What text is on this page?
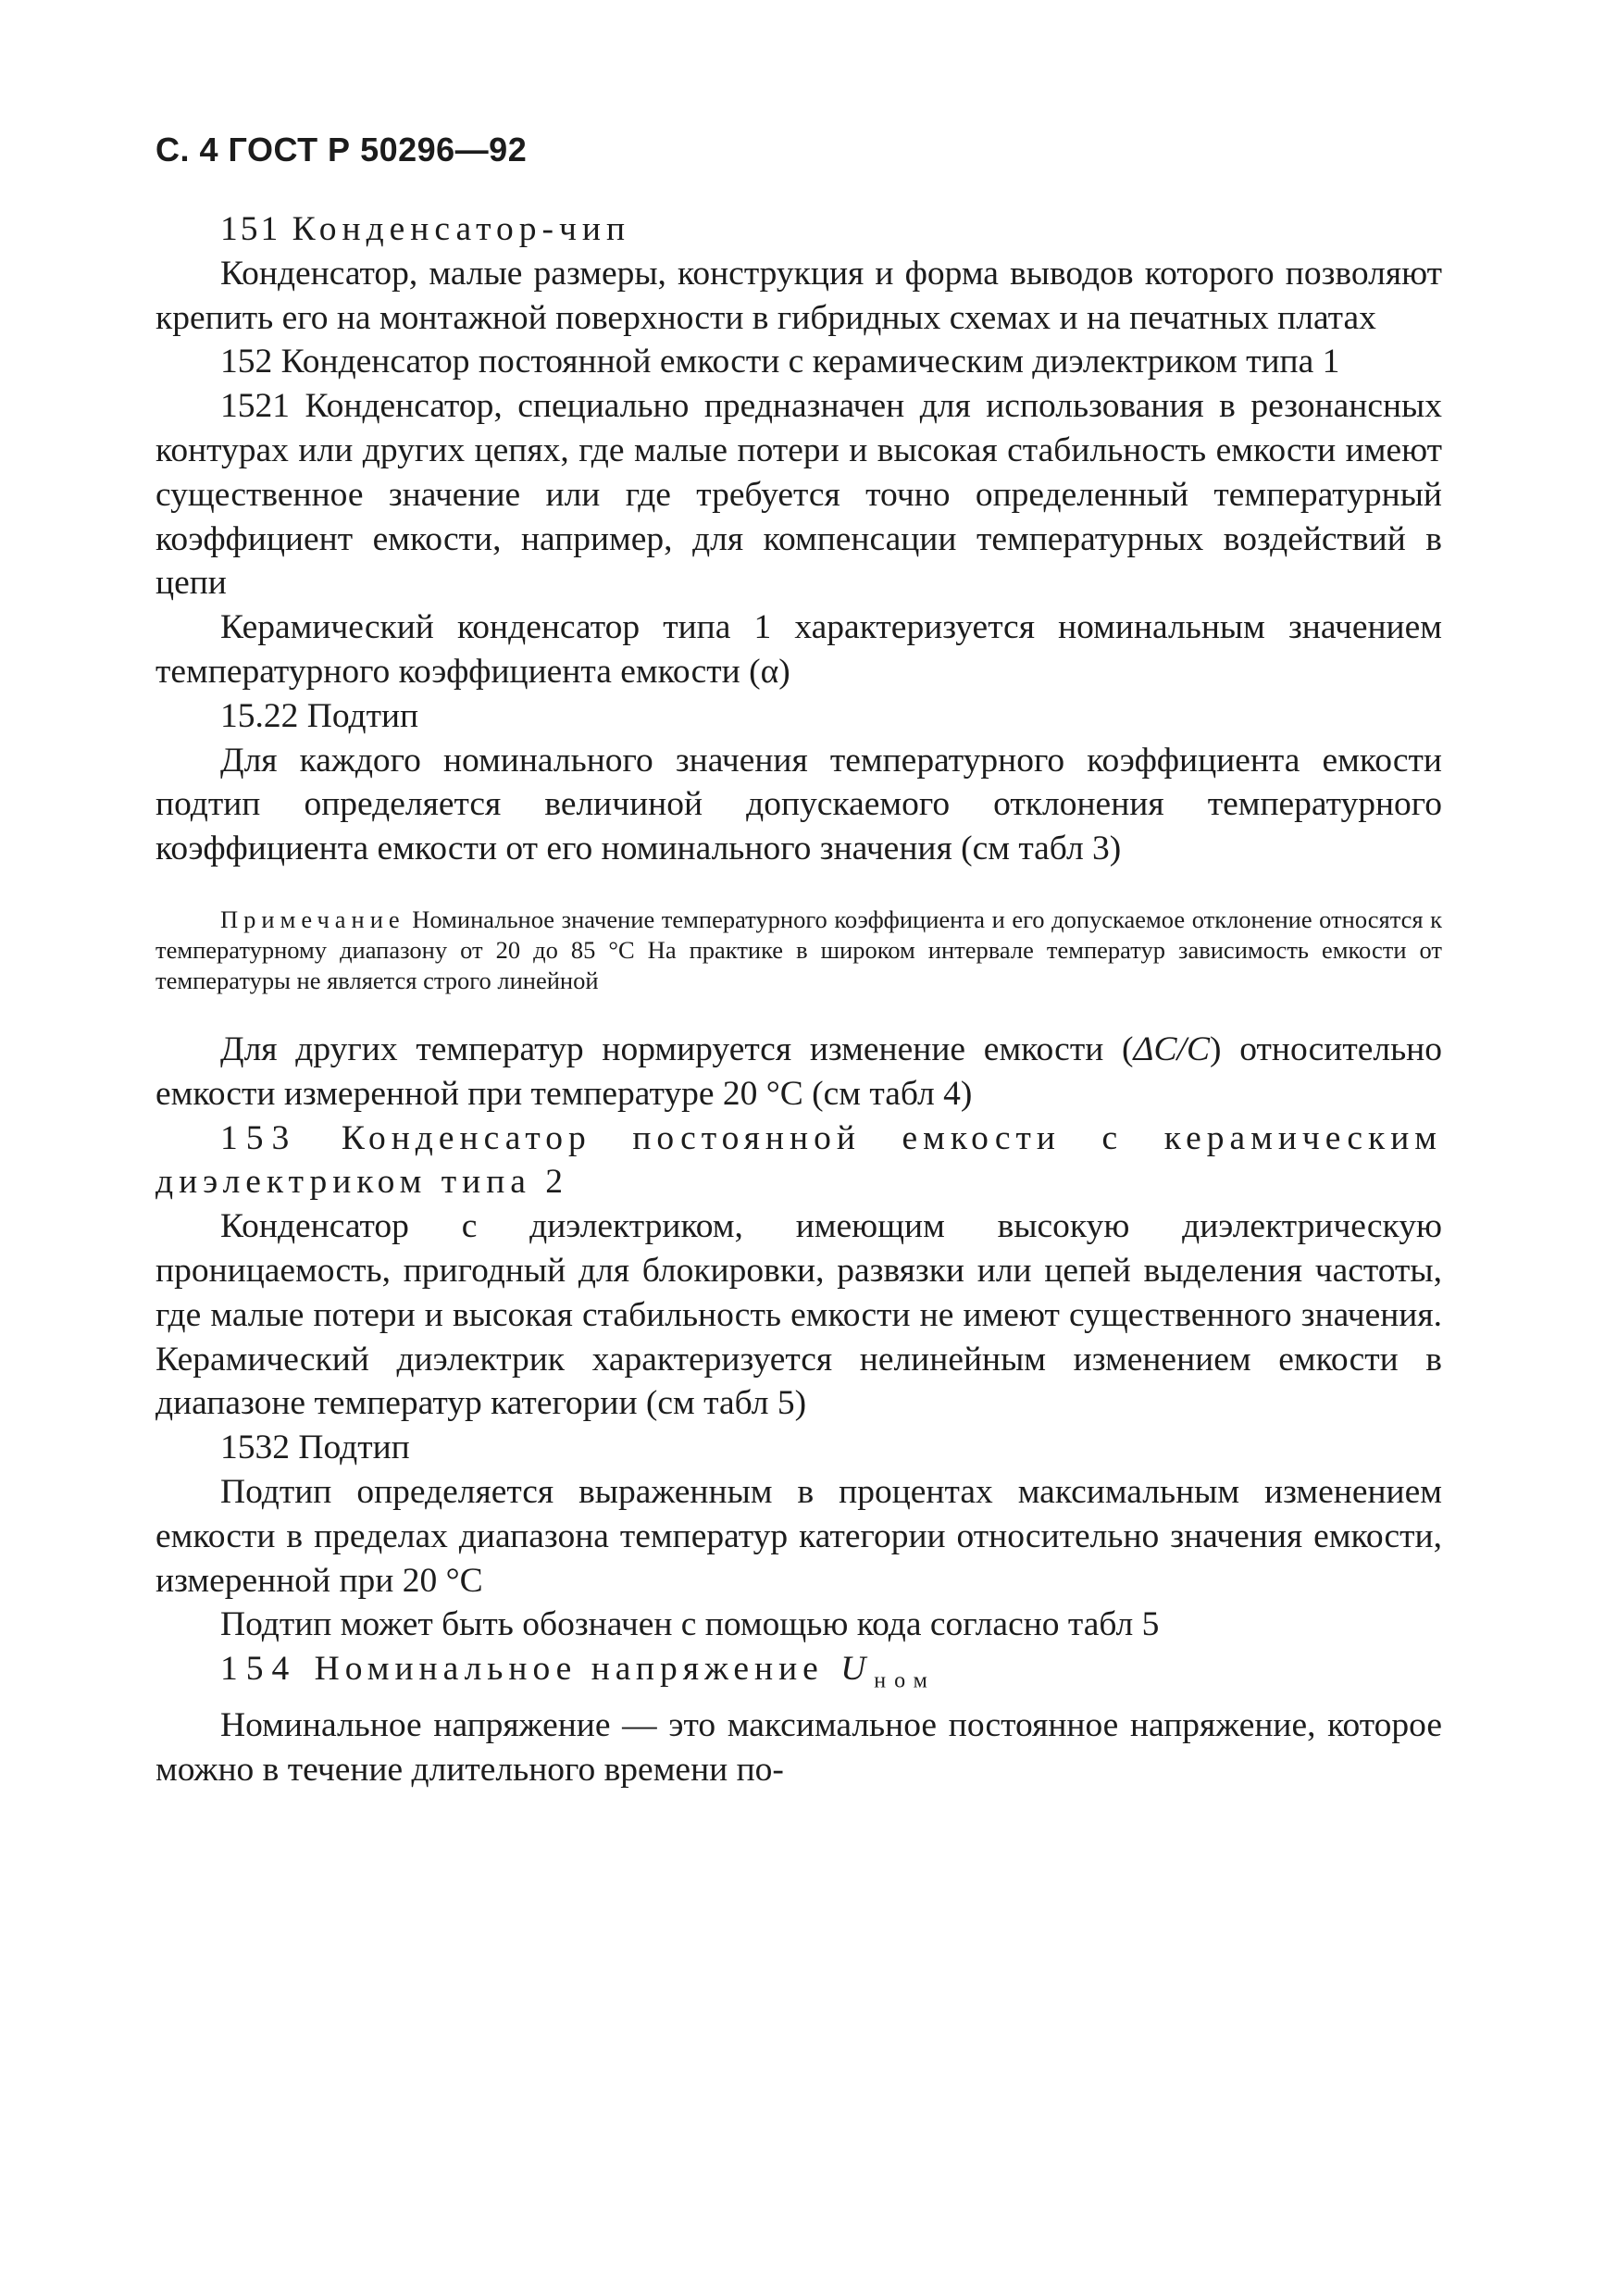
С. 4 ГОСТ Р 50296—92

151 Конденсатор-чип

Конденсатор, малые размеры, конструкция и форма выводов которого позволяют крепить его на монтажной поверхности в гибридных схемах и на печатных платах

152 Конденсатор постоянной емкости с керамическим диэлектриком типа 1

1521 Конденсатор, специально предназначен для использования в резонансных контурах или других цепях, где малые потери и высокая стабильность емкости имеют существенное значение или где требуется точно определенный температурный коэффициент емкости, например, для компенсации температурных воздействий в цепи

Керамический конденсатор типа 1 характеризуется номинальным значением температурного коэффициента емкости (α)

15.22 Подтип

Для каждого номинального значения температурного коэффициента емкости подтип определяется величиной допускаемого отклонения температурного коэффициента емкости от его номинального значения (см табл 3)

Примечание Номинальное значение температурного коэффициента и его допускаемое отклонение относятся к температурному диапазону от 20 до 85 °С На практике в широком интервале температур зависимость емкости от температуры не является строго линейной

Для других температур нормируется изменение емкости (ΔC/C) относительно емкости измеренной при температуре 20 °С (см табл 4)

153 Конденсатор постоянной емкости с керамическим диэлектриком типа 2

Конденсатор с диэлектриком, имеющим высокую диэлектрическую проницаемость, пригодный для блокировки, развязки или цепей выделения частоты, где малые потери и высокая стабильность емкости не имеют существенного значения. Керамический диэлектрик характеризуется нелинейным изменением емкости в диапазоне температур категории (см табл 5)

1532 Подтип

Подтип определяется выраженным в процентах максимальным изменением емкости в пределах диапазона температур категории относительно значения емкости, измеренной при 20 °С

Подтип может быть обозначен с помощью кода согласно табл 5

154 Номинальное напряжение $U_{ном}$

Номинальное напряжение — это максимальное постоянное напряжение, которое можно в течение длительного времени по-
